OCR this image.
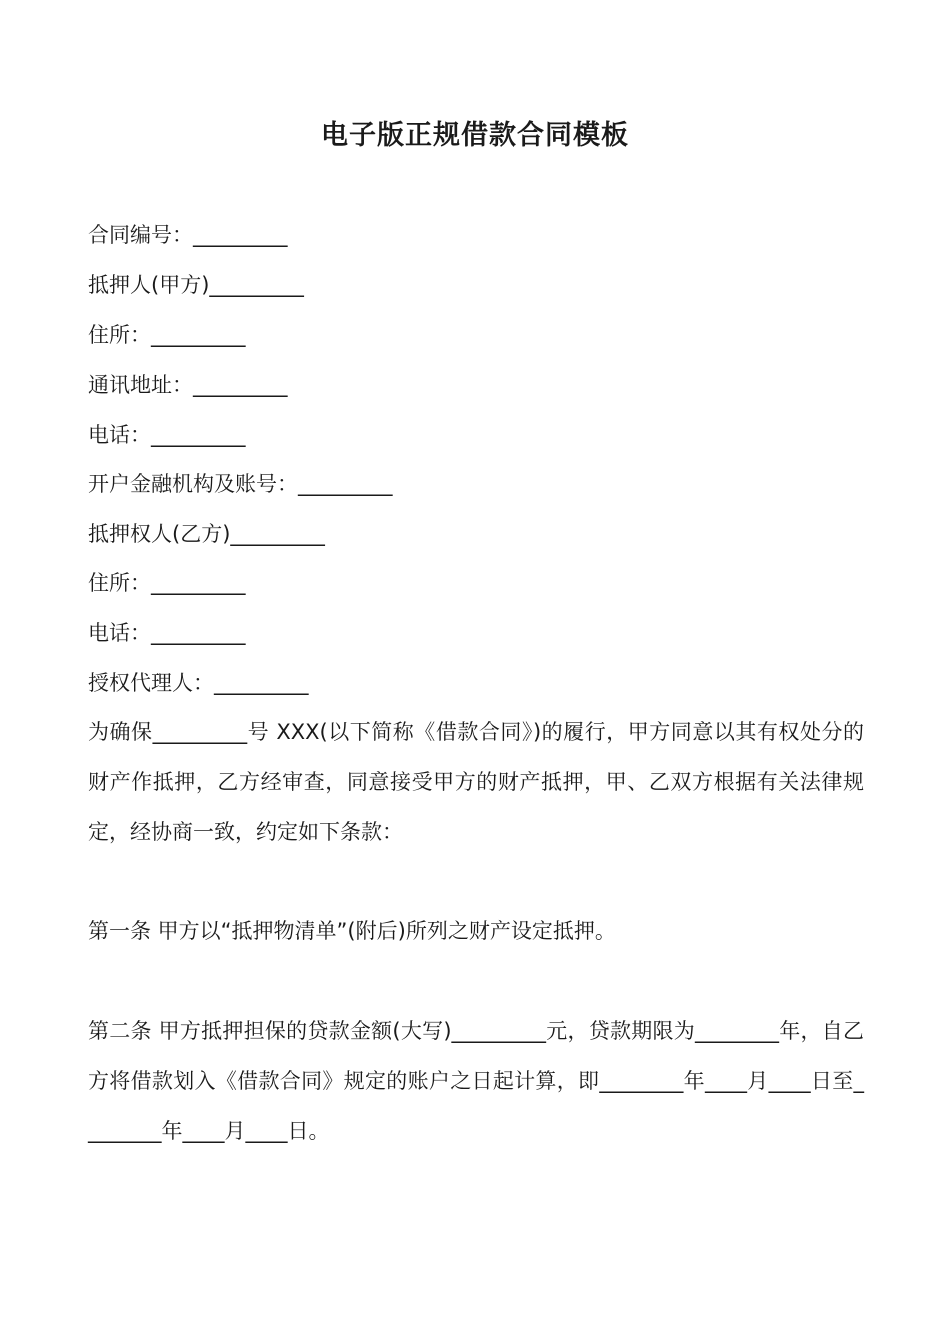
电子版正规借款合同模板
合同编号：_________
抵押人(甲方)_________
住所：_________
通讯地址：_________
电话：_________
开户金融机构及账号：_________
抵押权人(乙方)_________
住所：_________
电话：_________
授权代理人：_________
为确保_________号 XXX(以下简称《借款合同》)的履行，甲方同意以其有权处分的财产作抵押，乙方经审查，同意接受甲方的财产抵押，甲、乙双方根据有关法律规定，经协商一致，约定如下条款：
第一条 甲方以“抵押物清单”(附后)所列之财产设定抵押。
第二条 甲方抵押担保的贷款金额(大写)_________元，贷款期限为________年，自乙方将借款划入《借款合同》规定的账户之日起计算，即________年____月____日至________年____月____日。
